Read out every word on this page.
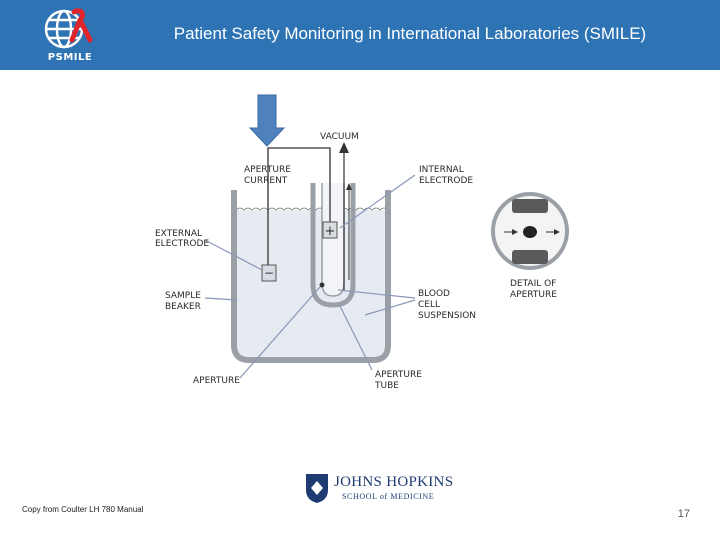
PSMILE
Patient Safety Monitoring in International Laboratories (SMILE)
+
−
VACUUM
APERTURE
CURRENT
INTERNAL
ELECTRODE
EXTERNAL
ELECTRODE
SAMPLE
BEAKER
BLOOD
CELL
SUSPENSION
APERTURE
APERTURE
TUBE
DETAIL OF
APERTURE
JOHNS HOPKINS
SCHOOL of MEDICINE
Copy from Coulter LH 780 Manual	17
